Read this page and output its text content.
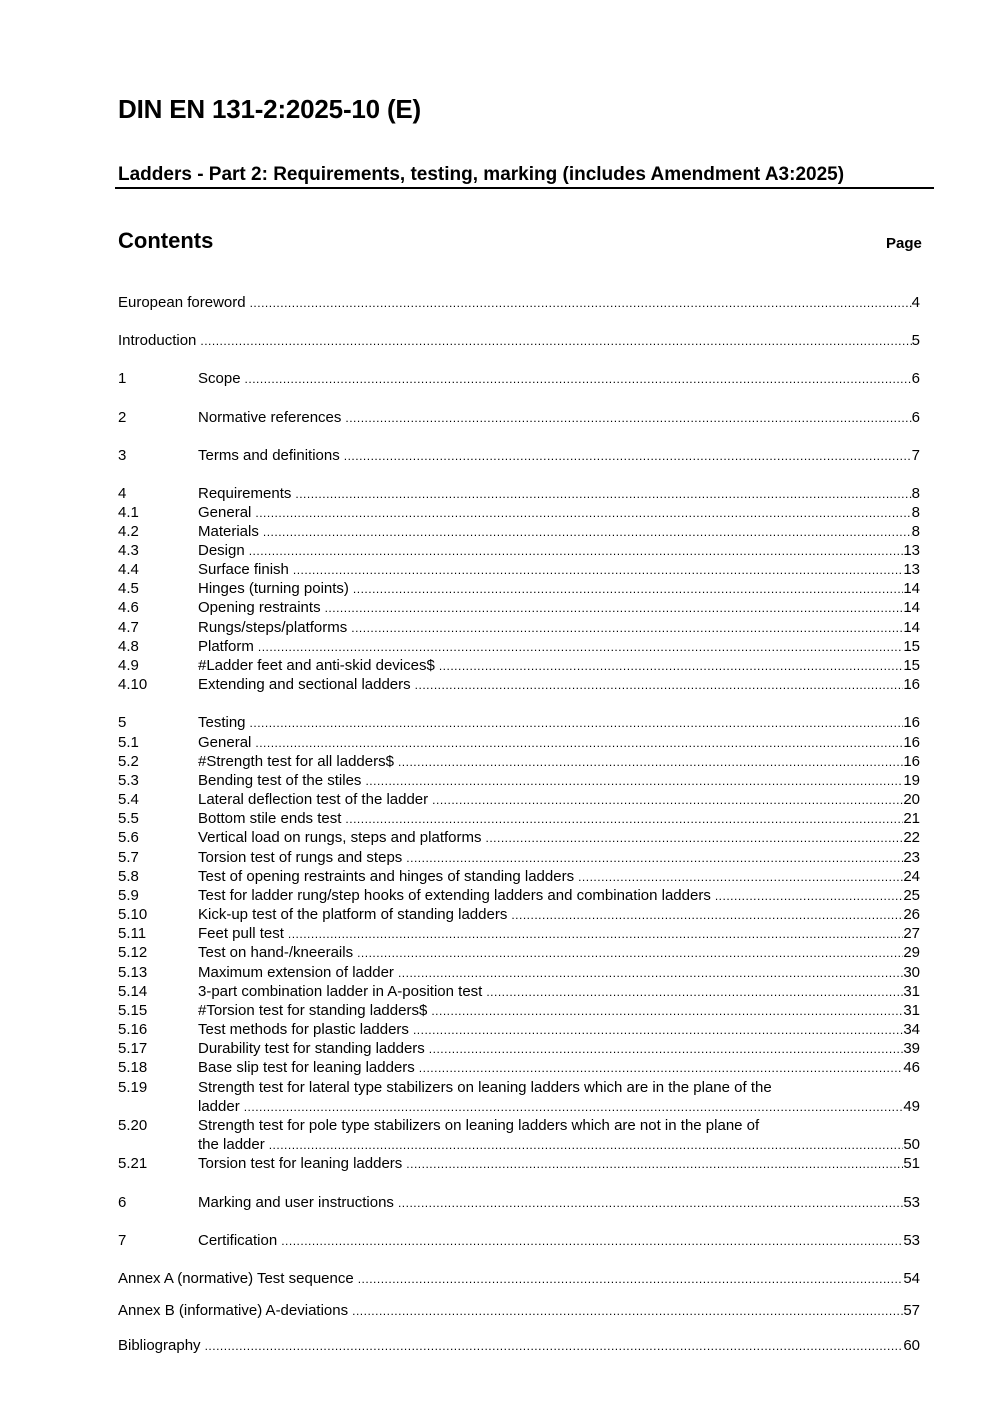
DIN EN 131-2:2025-10 (E)
Ladders - Part 2: Requirements, testing, marking (includes Amendment A3:2025)
Contents	Page
European foreword .....	4
Introduction .....	5
1	Scope .....	6
2	Normative references .....	6
3	Terms and definitions .....	7
4	Requirements .....	8
4.1	General .....	8
4.2	Materials .....	8
4.3	Design .....	13
4.4	Surface finish .....	13
4.5	Hinges (turning points) .....	14
4.6	Opening restraints .....	14
4.7	Rungs/steps/platforms .....	14
4.8	Platform .....	15
4.9	#Ladder feet and anti-skid devices$ .....	15
4.10	Extending and sectional ladders .....	16
5	Testing .....	16
5.1	General .....	16
5.2	#Strength test for all ladders$ .....	16
5.3	Bending test of the stiles .....	19
5.4	Lateral deflection test of the ladder .....	20
5.5	Bottom stile ends test .....	21
5.6	Vertical load on rungs, steps and platforms .....	22
5.7	Torsion test of rungs and steps .....	23
5.8	Test of opening restraints and hinges of standing ladders .....	24
5.9	Test for ladder rung/step hooks of extending ladders and combination ladders .....	25
5.10	Kick-up test of the platform of standing ladders .....	26
5.11	Feet pull test .....	27
5.12	Test on hand-/kneerails .....	29
5.13	Maximum extension of ladder .....	30
5.14	3-part combination ladder in A-position test .....	31
5.15	#Torsion test for standing ladders$ .....	31
5.16	Test methods for plastic ladders .....	34
5.17	Durability test for standing ladders .....	39
5.18	Base slip test for leaning ladders .....	46
5.19	Strength test for lateral type stabilizers on leaning ladders which are in the plane of the
ladder .....	49
5.20	Strength test for pole type stabilizers on leaning ladders which are not in the plane of
the ladder .....	50
5.21	Torsion test for leaning ladders .....	51
6	Marking and user instructions .....	53
7	Certification .....	53
Annex A (normative) Test sequence .....	54
Annex B (informative) A-deviations .....	57
Bibliography .....	60
